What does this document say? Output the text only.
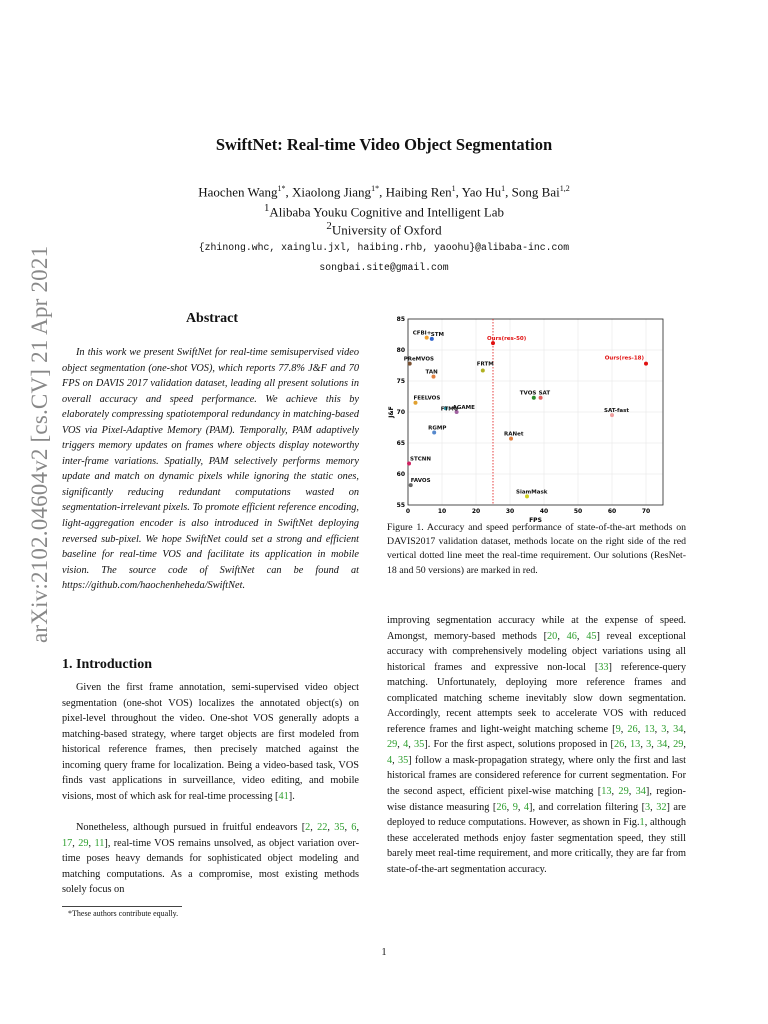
arXiv:2102.04604v2 [cs.CV] 21 Apr 2021
SwiftNet: Real-time Video Object Segmentation
Haochen Wang$^{1*}$, Xiaolong Jiang$^{1*}$, Haibing Ren$^1$, Yao Hu$^1$, Song Bai$^{1,2}$
$^1$Alibaba Youku Cognitive and Intelligent Lab
$^2$University of Oxford
{zhinong.whc, xainglu.jxl, haibing.rhb, yaoohu}@alibaba-inc.com
songbai.site@gmail.com
Abstract
In this work we present SwiftNet for real-time semisupervised video object segmentation (one-shot VOS), which reports 77.8% J&F and 70 FPS on DAVIS 2017 validation dataset, leading all present solutions in overall accuracy and speed performance. We achieve this by elaborately compressing spatiotemporal redundancy in matching-based VOS via Pixel-Adaptive Memory (PAM). Temporally, PAM adaptively triggers memory updates on frames where objects display noteworthy inter-frame variations. Spatially, PAM selectively performs memory update and match on dynamic pixels while ignoring the static ones, significantly reducing redundant computations wasted on segmentation-irrelevant pixels. To promote efficient reference encoding, light-aggregation encoder is also introduced in SwiftNet deploying reversed sub-pixel. We hope SwiftNet could set a strong and efficient baseline for real-time VOS and facilitate its application in mobile vision. The source code of SwiftNet can be found at https://github.com/haochenheheda/SwiftNet.
1. Introduction
Given the first frame annotation, semi-supervised video object segmentation (one-shot VOS) localizes the annotated object(s) on pixel-level throughout the video. One-shot VOS generally adopts a matching-based strategy, where target objects are first modeled from historical reference frames, then precisely matched against the incoming query frame for localization. Being a video-based task, VOS finds vast applications in surveillance, video editing, and mobile visions, most of which ask for real-time processing [41].
Nonetheless, although pursued in fruitful endeavors [2, 22, 35, 6, 17, 29, 11], real-time VOS remains unsolved, as object variation over-time poses heavy demands for sophisticated object modeling and matching computations. As a compromise, most existing methods solely focus on
*These authors contribute equally.
0	10	20	30	40	50	60	70
55
60
65
70
75
80
85
FPS
J&F
CFBI+ STM
Ours(res-50)
Ours(res-18)
PReMVOS
TAN
FRTM
TVOS SAT
SAT-fast
FEELVOS
AGAME
FTMU
RGMP
RANet
STCNN
FAVOS
SiamMask
Figure 1. Accuracy and speed performance of state-of-the-art methods on DAVIS2017 validation dataset, methods locate on the right side of the red vertical dotted line meet the real-time requirement. Our solutions (ResNet-18 and 50 versions) are marked in red.
improving segmentation accuracy while at the expense of speed. Amongst, memory-based methods [20, 46, 45] reveal exceptional accuracy with comprehensively modeling object variations using all historical frames and expressive non-local [33] reference-query matching. Unfortunately, deploying more reference frames and complicated matching scheme inevitably slow down segmentation. Accordingly, recent attempts seek to accelerate VOS with reduced reference frames and light-weight matching scheme [9, 26, 13, 3, 34, 29, 4, 35]. For the first aspect, solutions proposed in [26, 13, 3, 34, 29, 4, 35] follow a mask-propagation strategy, where only the first and last historical frames are considered reference for current segmentation. For the second aspect, efficient pixel-wise matching [13, 29, 34], region-wise distance measuring [26, 9, 4], and correlation filtering [3, 32] are deployed to reduce computations. However, as shown in Fig.1, although these accelerated methods enjoy faster segmentation speed, they still barely meet real-time requirement, and more critically, they are far from state-of-the-art segmentation accuracy.
1
